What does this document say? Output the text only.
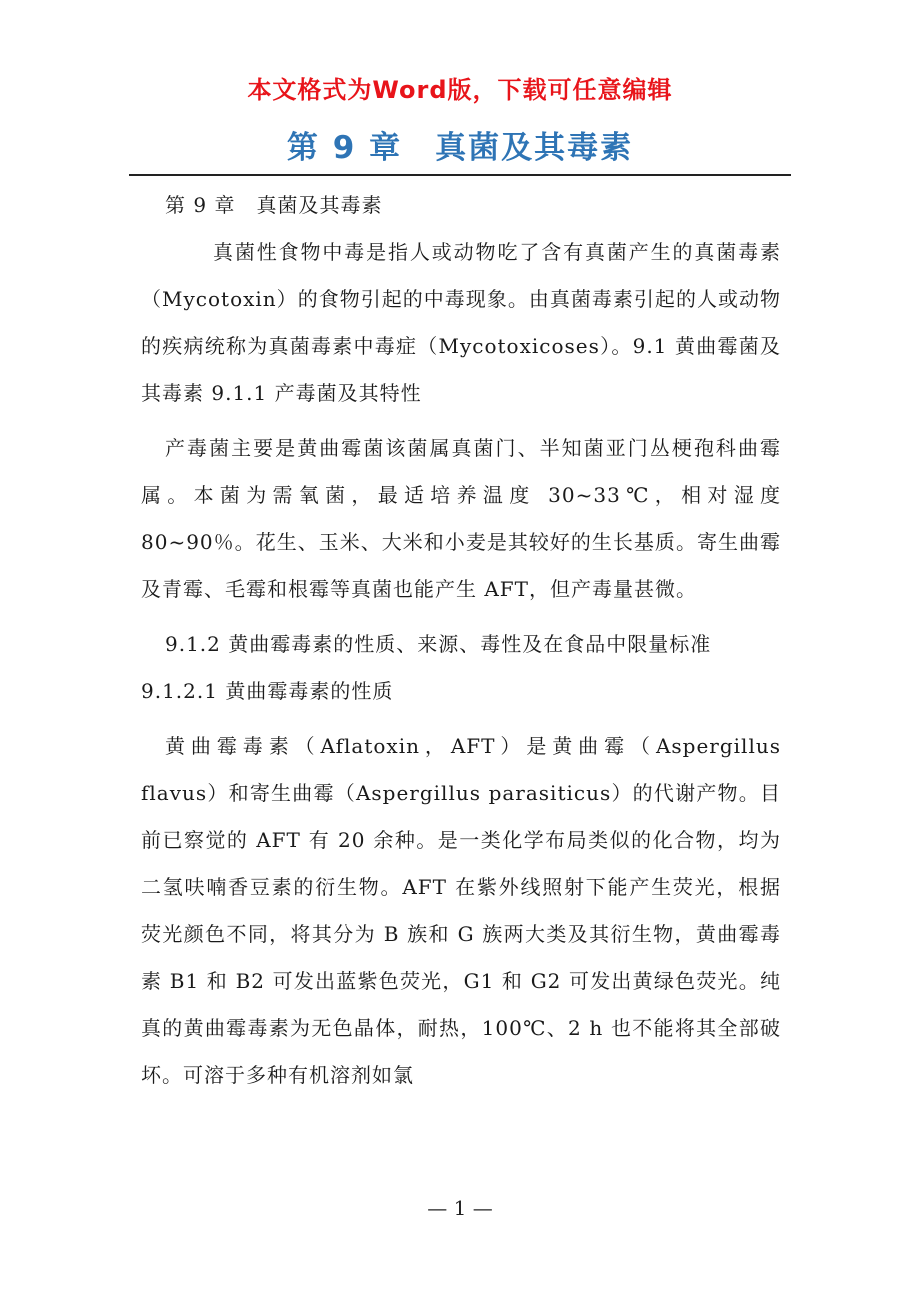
本文格式为Word版，下载可任意编辑
第 9 章　真菌及其毒素

第 9 章　真菌及其毒素

真菌性食物中毒是指人或动物吃了含有真菌产生的真菌毒素（Mycotoxin）的食物引起的中毒现象。由真菌毒素引起的人或动物的疾病统称为真菌毒素中毒症（Mycotoxicoses）。9.1 黄曲霉菌及其毒素 9.1.1 产毒菌及其特性

产毒菌主要是黄曲霉菌该菌属真菌门、半知菌亚门丛梗孢科曲霉属。本菌为需氧菌，最适培养温度 30~33℃，相对湿度 80~90％。花生、玉米、大米和小麦是其较好的生长基质。寄生曲霉及青霉、毛霉和根霉等真菌也能产生 AFT，但产毒量甚微。

9.1.2 黄曲霉毒素的性质、来源、毒性及在食品中限量标准

9.1.2.1 黄曲霉毒素的性质

黄曲霉毒素（Aflatoxin，AFT）是黄曲霉（Aspergillus flavus）和寄生曲霉（Aspergillus parasiticus）的代谢产物。目前已察觉的 AFT 有 20 余种。是一类化学布局类似的化合物，均为二氢呋喃香豆素的衍生物。AFT 在紫外线照射下能产生荧光，根据荧光颜色不同，将其分为 B 族和 G 族两大类及其衍生物，黄曲霉毒素 B1 和 B2 可发出蓝紫色荧光，G1 和 G2 可发出黄绿色荧光。纯真的黄曲霉毒素为无色晶体，耐热，100℃、2 h 也不能将其全部破坏。可溶于多种有机溶剂如氯

— 1 —
